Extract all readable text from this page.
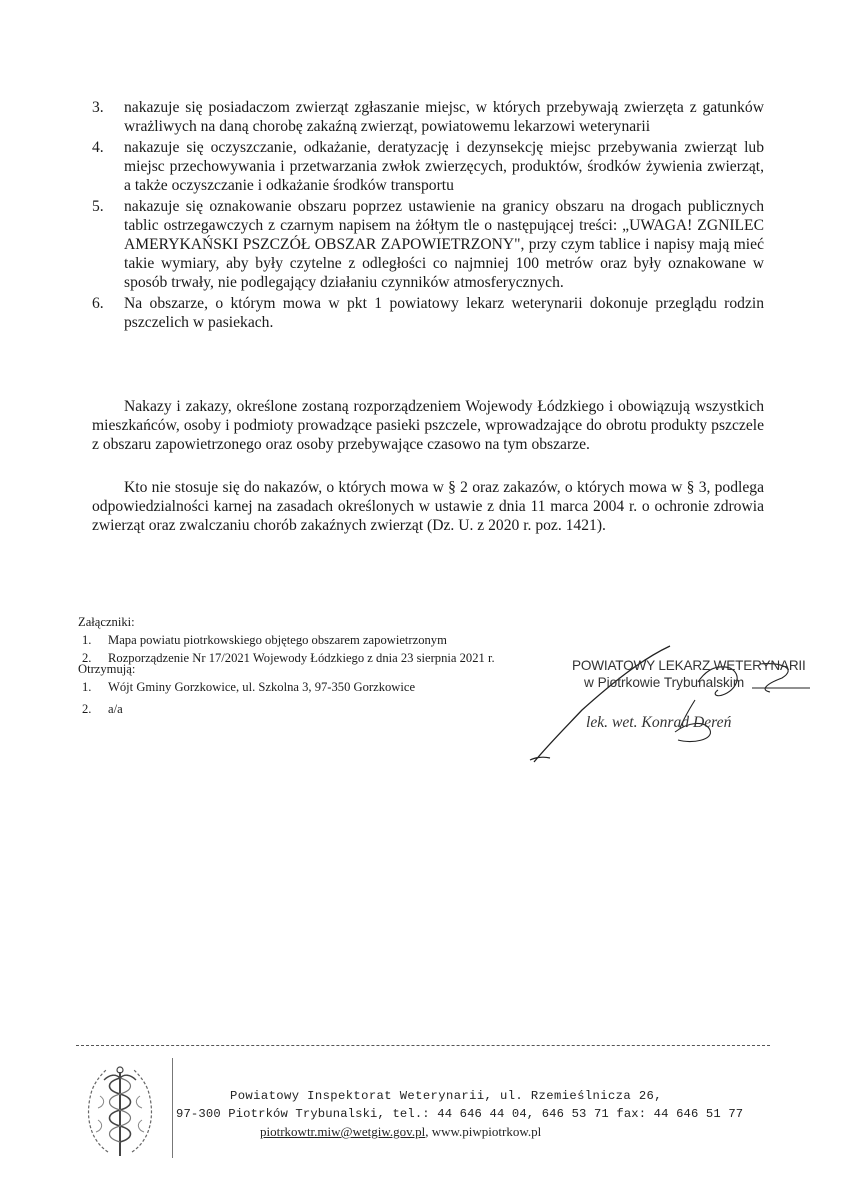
3. nakazuje się posiadaczom zwierząt zgłaszanie miejsc, w których przebywają zwierzęta z gatunków wrażliwych na daną chorobę zakaźną zwierząt, powiatowemu lekarzowi weterynarii
4. nakazuje się oczyszczanie, odkażanie, deratyzację i dezynsekcję miejsc przebywania zwierząt lub miejsc przechowywania i przetwarzania zwłok zwierzęcych, produktów, środków żywienia zwierząt, a także oczyszczanie i odkażanie środków transportu
5. nakazuje się oznakowanie obszaru poprzez ustawienie na granicy obszaru na drogach publicznych tablic ostrzegawczych z czarnym napisem na żółtym tle o następującej treści: „UWAGA! ZGNILEC AMERYKAŃSKI PSZCZÓŁ OBSZAR ZAPOWIETRZONY", przy czym tablice i napisy mają mieć takie wymiary, aby były czytelne z odległości co najmniej 100 metrów oraz były oznakowane w sposób trwały, nie podlegający działaniu czynników atmosferycznych.
6. Na obszarze, o którym mowa w pkt 1 powiatowy lekarz weterynarii dokonuje przeglądu rodzin pszczelich w pasiekach.

Nakazy i zakazy, określone zostaną rozporządzeniem Wojewody Łódzkiego i obowiązują wszystkich mieszkańców, osoby i podmioty prowadzące pasieki pszczele, wprowadzające do obrotu produkty pszczele z obszaru zapowietrzonego oraz osoby przebywające czasowo na tym obszarze.

Kto nie stosuje się do nakazów, o których mowa w § 2 oraz zakazów, o których mowa w § 3, podlega odpowiedzialności karnej na zasadach określonych w ustawie z dnia 11 marca 2004 r. o ochronie zdrowia zwierząt oraz zwalczaniu chorób zakaźnych zwierząt (Dz. U. z 2020 r. poz. 1421).

Załączniki:

1. Mapa powiatu piotrkowskiego objętego obszarem zapowietrzonym
2. Rozporządzenie Nr 17/2021 Wojewody Łódzkiego z dnia 23 sierpnia 2021 r.

Otrzymują:

1. Wójt Gminy Gorzkowice, ul. Szkolna 3, 97-350 Gorzkowice
2. a/a
POWIATOWY LEKARZ WETERYNARII
w Piotrkowie Trybunalskim
lek. wet. Konrad Dereń
Powiatowy Inspektorat Weterynarii, ul. Rzemieślnicza 26,
97-300 Piotrków Trybunalski, tel.: 44 646 44 04, 646 53 71 fax: 44 646 51 77
piotrkowtr.miw@wetgiw.gov.pl, www.piwpiotrkow.pl
